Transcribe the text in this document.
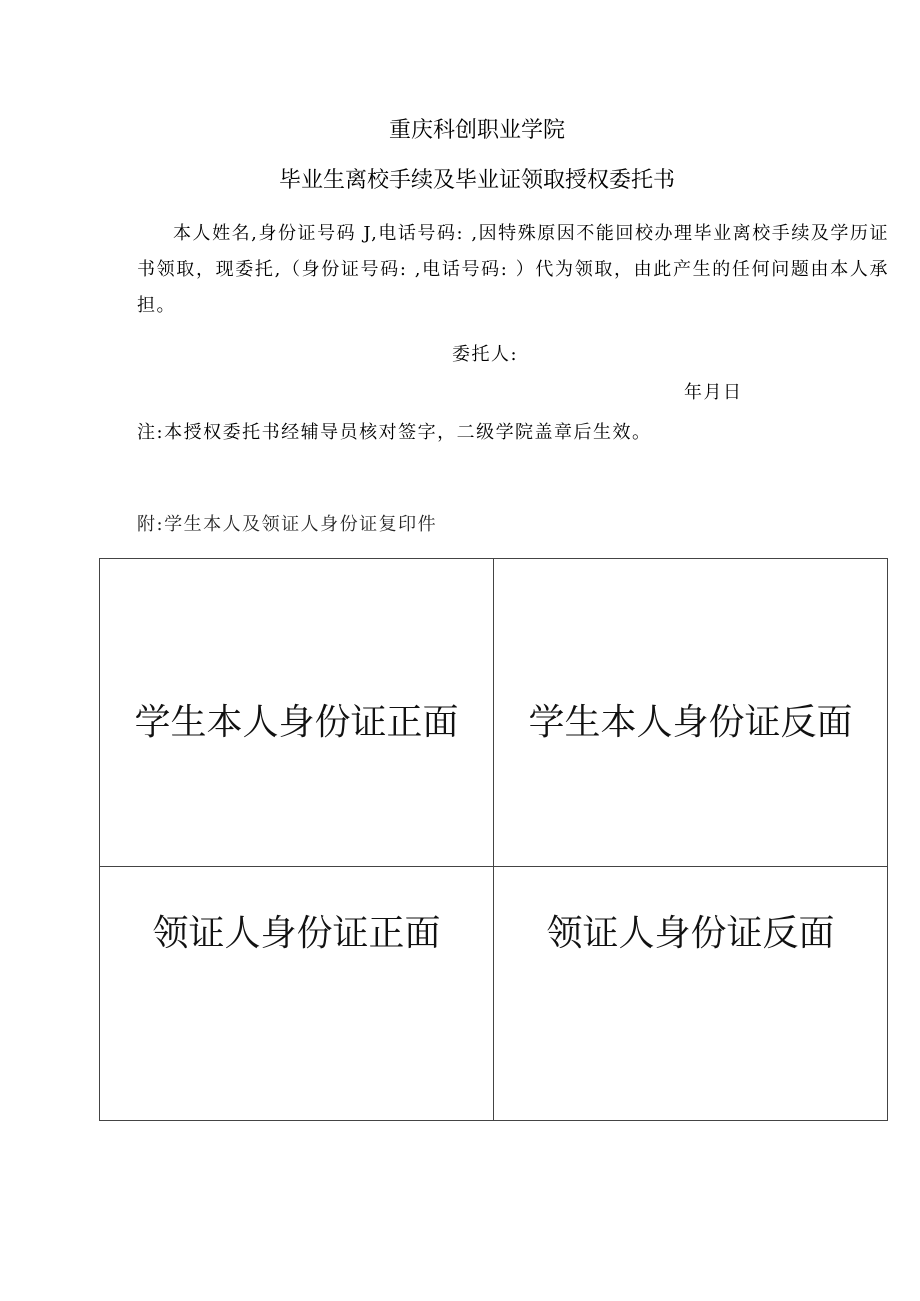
重庆科创职业学院
毕业生离校手续及毕业证领取授权委托书
本人姓名,身份证号码 J,电话号码: ,因特殊原因不能回校办理毕业离校手续及学历证书领取，现委托,（身份证号码: ,电话号码: ）代为领取，由此产生的任何问题由本人承担。
委托人:
年月日
注:本授权委托书经辅导员核对签字，二级学院盖章后生效。
附:学生本人及领证人身份证复印件
学生本人身份证正面	学生本人身份证反面
领证人身份证正面	领证人身份证反面
